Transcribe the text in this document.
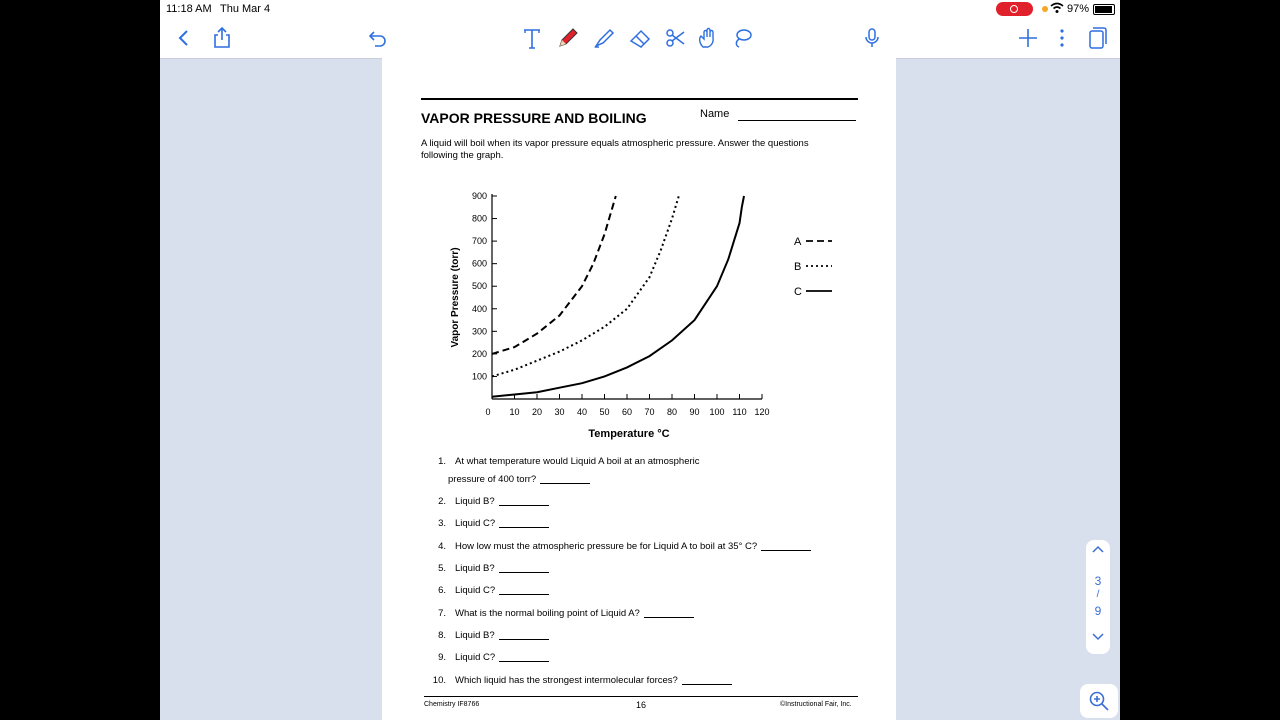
11:18 AM Thu Mar 4	97%
VAPOR PRESSURE AND BOILING	Name
A liquid will boil when its vapor pressure equals atmospheric pressure. Answer the questions following the graph.
100
200
300
400
500
600
700
800
900
0 10 20 30 40 50 60 70 80 90 100 110 120
Temperature °C
Vapor Pressure (torr)
A
B
C
1. At what temperature would Liquid A boil at an atmospheric
pressure of 400 torr?
2. Liquid B?
3. Liquid C?
4. How low must the atmospheric pressure be for Liquid A to boil at 35° C?
5. Liquid B?
6. Liquid C?
7. What is the normal boiling point of Liquid A?
8. Liquid B?
9. Liquid C?
10. Which liquid has the strongest intermolecular forces?
Chemistry IF8766	16	©Instructional Fair, Inc.
3
/
9
